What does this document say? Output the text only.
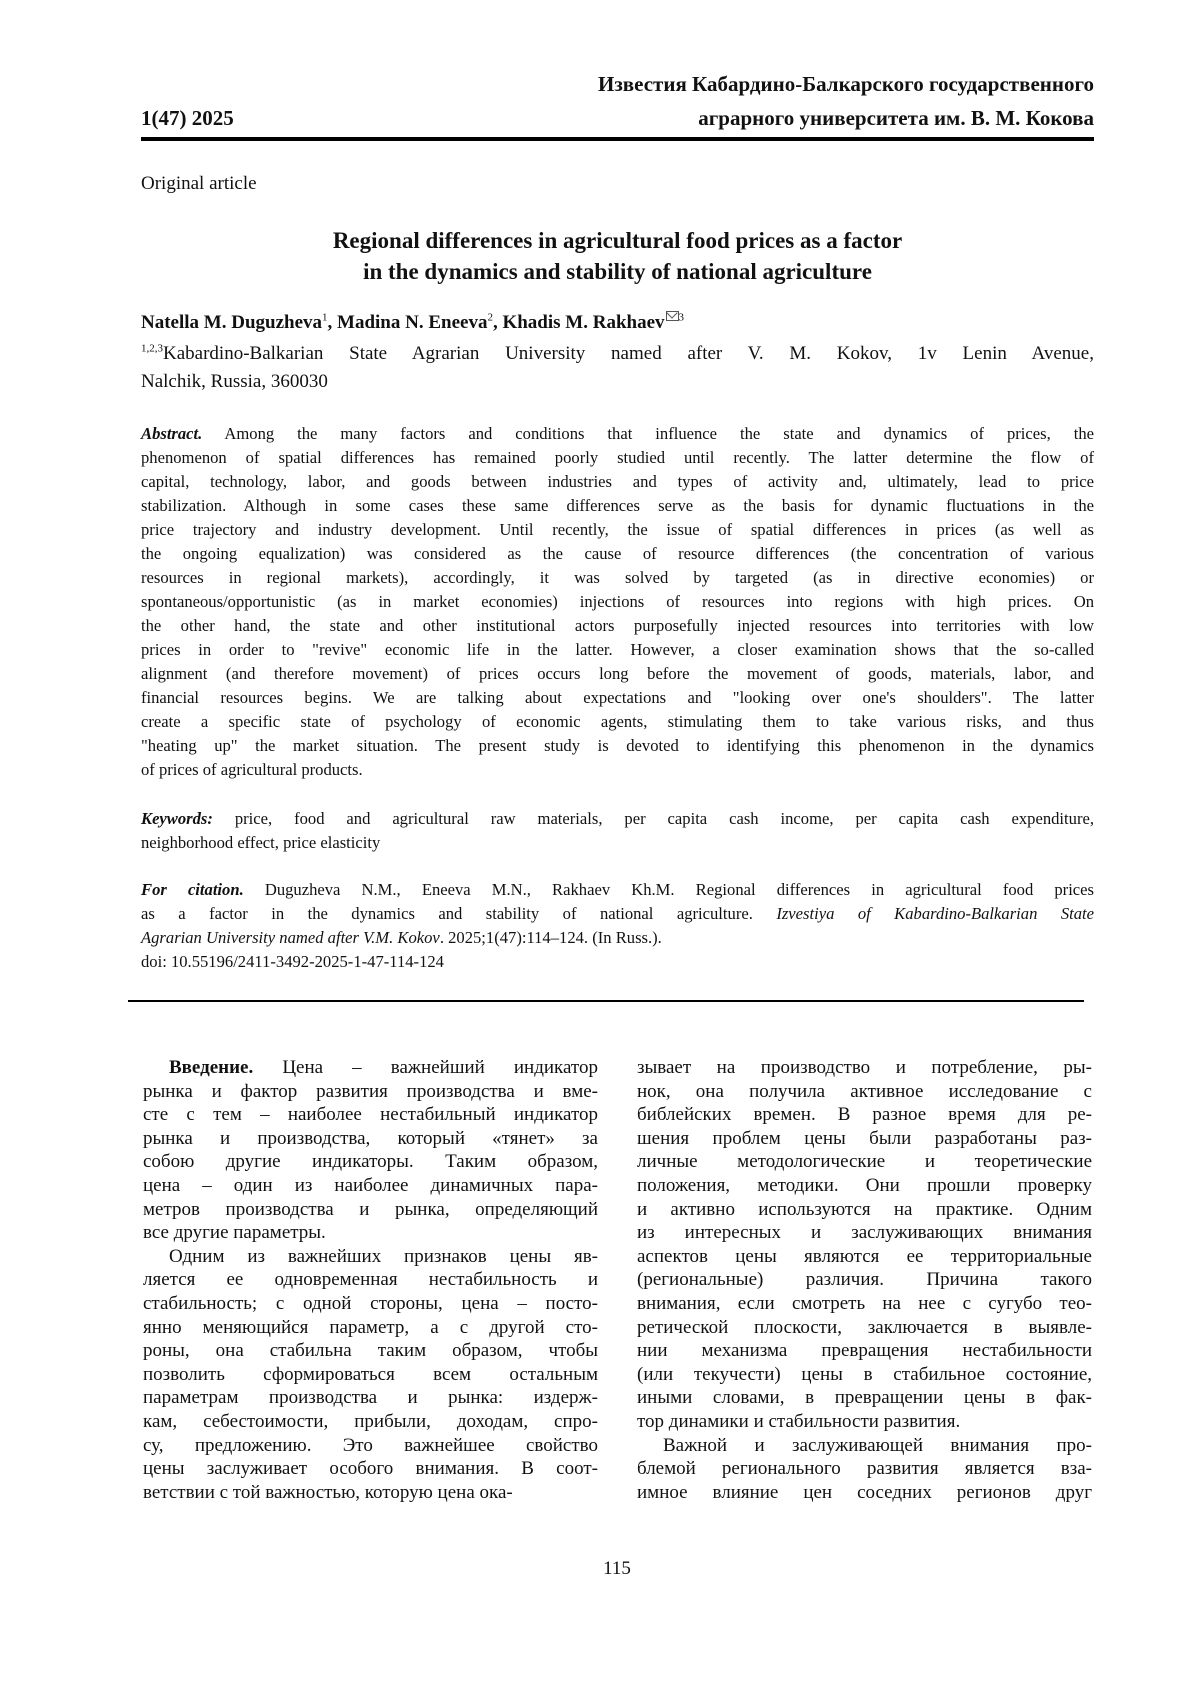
Известия Кабардино-Балкарского государственного
1(47) 2025	аграрного университета им. В. М. Кокова
Original article
Regional differences in agricultural food prices as a factor
in the dynamics and stability of national agriculture
Natella M. Duguzheva1, Madina N. Eneeva2, Khadis M. Rakhaev 3
1,2,3Kabardino-Balkarian State Agrarian University named after V. M. Kokov, 1v Lenin Avenue,
Nalchik, Russia, 360030
Abstract. Among the many factors and conditions that influence the state and dynamics of prices, the
phenomenon of spatial differences has remained poorly studied until recently. The latter determine the flow of
capital, technology, labor, and goods between industries and types of activity and, ultimately, lead to price
stabilization. Although in some cases these same differences serve as the basis for dynamic fluctuations in the
price trajectory and industry development. Until recently, the issue of spatial differences in prices (as well as
the ongoing equalization) was considered as the cause of resource differences (the concentration of various
resources in regional markets), accordingly, it was solved by targeted (as in directive economies) or
spontaneous/opportunistic (as in market economies) injections of resources into regions with high prices. On
the other hand, the state and other institutional actors purposefully injected resources into territories with low
prices in order to "revive" economic life in the latter. However, a closer examination shows that the so-called
alignment (and therefore movement) of prices occurs long before the movement of goods, materials, labor, and
financial resources begins. We are talking about expectations and "looking over one's shoulders". The latter
create a specific state of psychology of economic agents, stimulating them to take various risks, and thus
"heating up" the market situation. The present study is devoted to identifying this phenomenon in the dynamics
of prices of agricultural products.
Keywords: price, food and agricultural raw materials, per capita cash income, per capita cash expenditure,
neighborhood effect, price elasticity
For citation. Duguzheva N.M., Eneeva M.N., Rakhaev Kh.M. Regional differences in agricultural food prices
as a factor in the dynamics and stability of national agriculture. Izvestiya of Kabardino-Balkarian State
Agrarian University named after V.M. Kokov. 2025;1(47):114–124. (In Russ.).
doi: 10.55196/2411-3492-2025-1-47-114-124
Введение. Цена – важнейший индикатор
рынка и фактор развития производства и вме-
сте с тем – наиболее нестабильный индикатор
рынка и производства, который «тянет» за
собою другие индикаторы. Таким образом,
цена – один из наиболее динамичных пара-
метров производства и рынка, определяющий
все другие параметры.
Одним из важнейших признаков цены яв-
ляется ее одновременная нестабильность и
стабильность; с одной стороны, цена – посто-
янно меняющийся параметр, а с другой сто-
роны, она стабильна таким образом, чтобы
позволить сформироваться всем остальным
параметрам производства и рынка: издерж-
кам, себестоимости, прибыли, доходам, спро-
су, предложению. Это важнейшее свойство
цены заслуживает особого внимания. В соот-
ветствии с той важностью, которую цена ока-
зывает на производство и потребление, ры-
нок, она получила активное исследование с
библейских времен. В разное время для ре-
шения проблем цены были разработаны раз-
личные методологические и теоретические
положения, методики. Они прошли проверку
и активно используются на практике. Одним
из интересных и заслуживающих внимания
аспектов цены являются ее территориальные
(региональные) различия. Причина такого
внимания, если смотреть на нее с сугубо тео-
ретической плоскости, заключается в выявле-
нии механизма превращения нестабильности
(или текучести) цены в стабильное состояние,
иными словами, в превращении цены в фак-
тор динамики и стабильности развития.
Важной и заслуживающей внимания про-
блемой регионального развития является вза-
имное влияние цен соседних регионов друг
115
